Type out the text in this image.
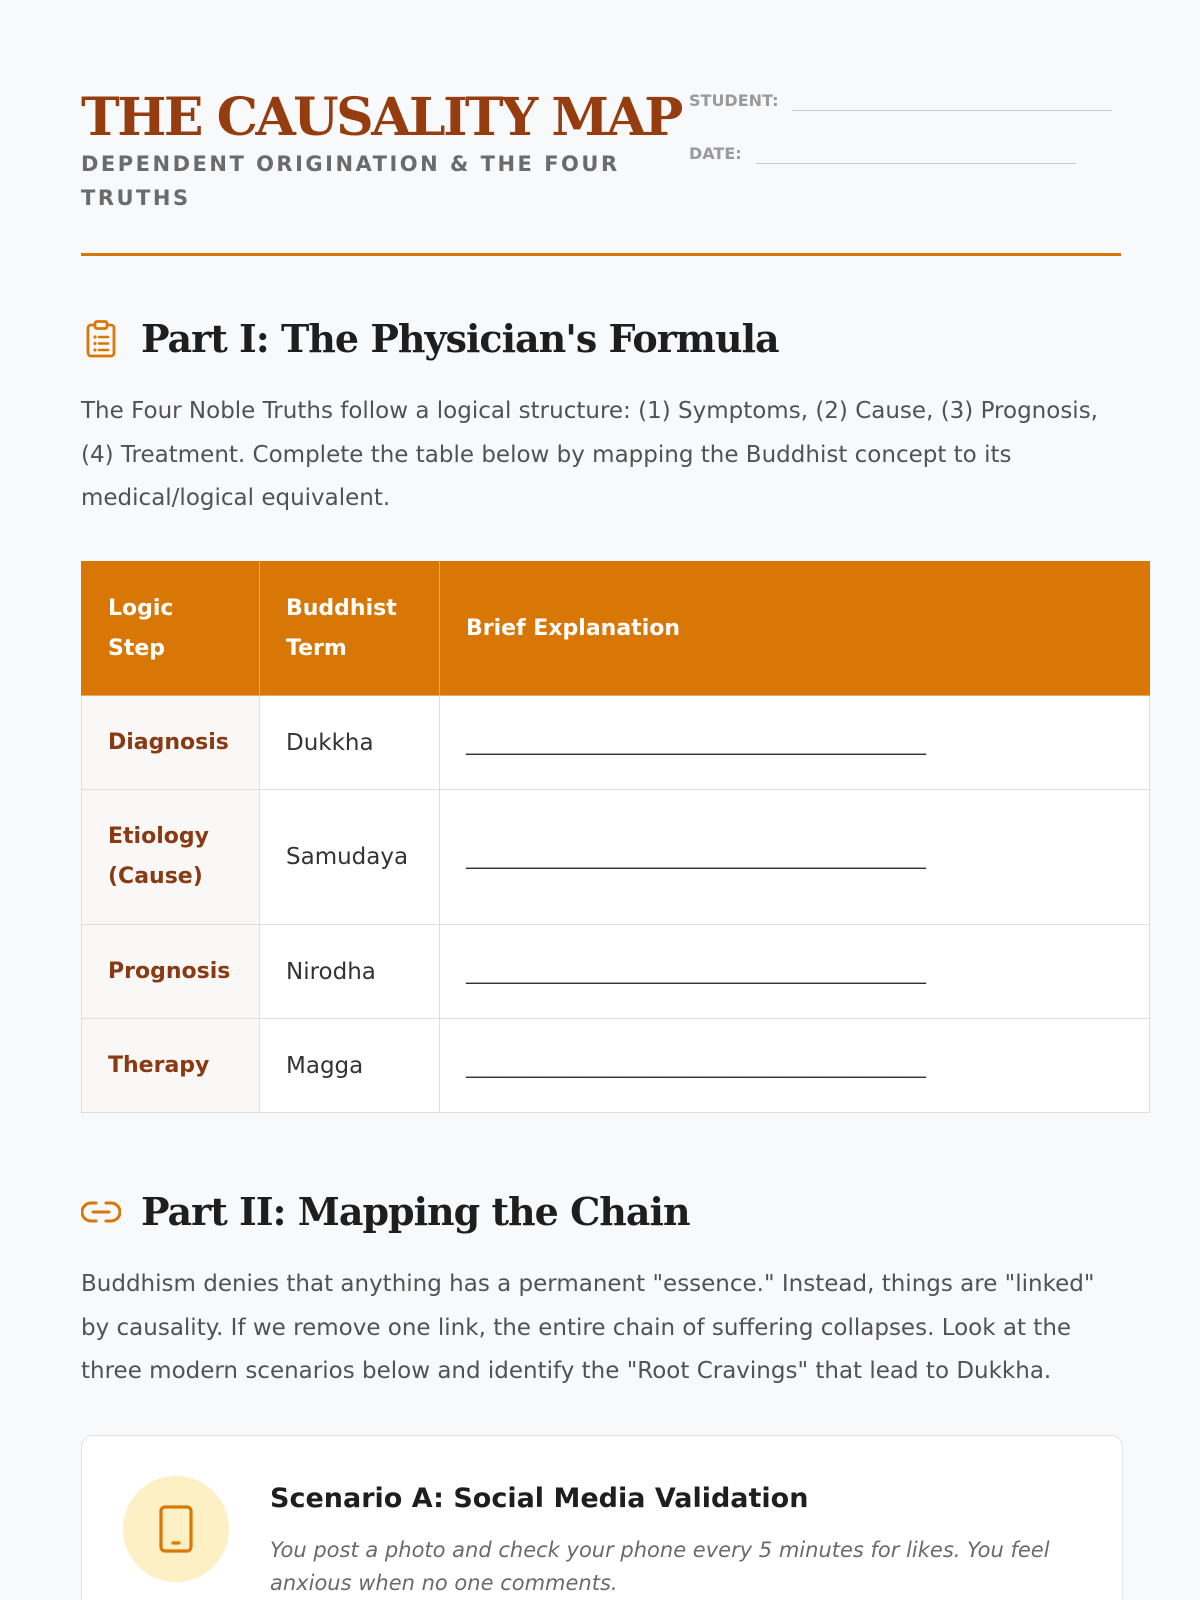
THE CAUSALITY MAP
DEPENDENT ORIGINATION & THE FOUR TRUTHS
STUDENT:
DATE:
Part I: The Physician's Formula

The Four Noble Truths follow a logical structure: (1) Symptoms, (2) Cause, (3) Prognosis, (4) Treatment. Complete the table below by mapping the Buddhist concept to its medical/logical equivalent.

Logic Step	Buddhist Term	Brief Explanation
Diagnosis	Dukkha	______________________________________________
Etiology (Cause)	Samudaya	______________________________________________
Prognosis	Nirodha	______________________________________________
Therapy	Magga	______________________________________________
Part II: Mapping the Chain

Buddhism denies that anything has a permanent "essence." Instead, things are "linked" by causality. If we remove one link, the entire chain of suffering collapses. Look at the three modern scenarios below and identify the "Root Cravings" that lead to Dukkha.

Scenario A: Social Media Validation

You post a photo and check your phone every 5 minutes for likes. You feel anxious when no one comments.
